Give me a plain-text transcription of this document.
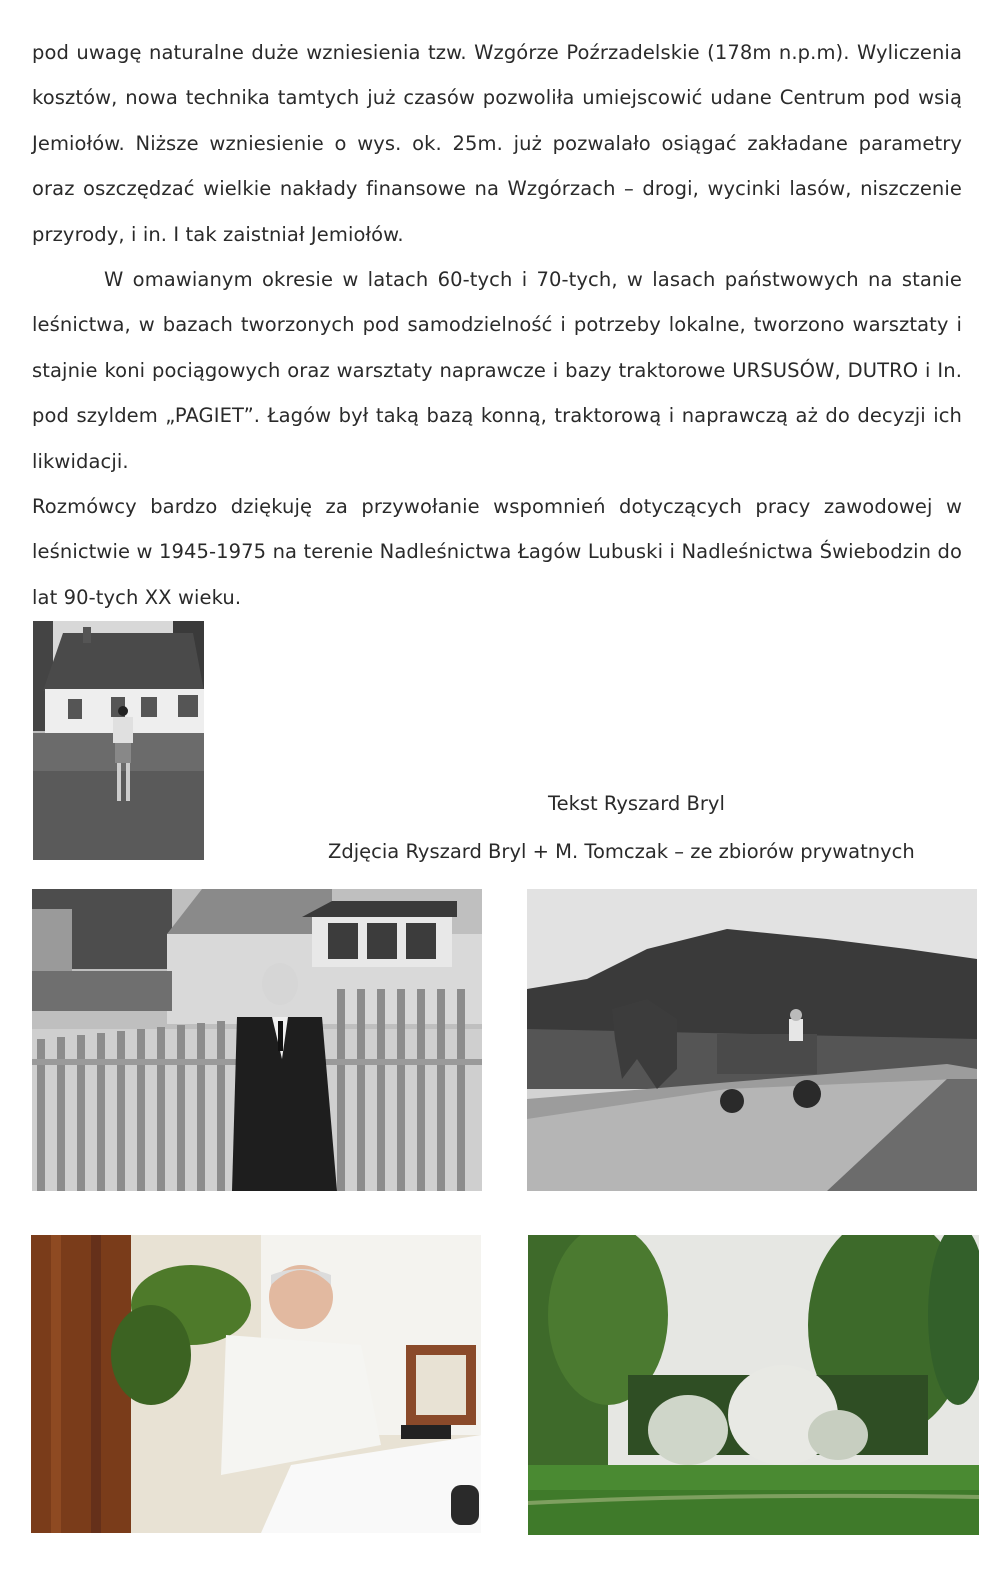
pod uwagę naturalne duże wzniesienia tzw. Wzgórze Poźrzadelskie (178m n.p.m). Wyliczenia kosztów, nowa technika tamtych już czasów pozwoliła umiejscowić udane Centrum pod wsią Jemiołów. Niższe wzniesienie o wys. ok. 25m. już pozwalało osiągać zakładane parametry oraz oszczędzać wielkie nakłady finansowe na Wzgórzach – drogi, wycinki lasów, niszczenie przyrody, i in. I tak zaistniał Jemiołów.

W omawianym okresie w latach 60-tych i 70-tych, w lasach państwowych na stanie leśnictwa, w bazach tworzonych pod samodzielność i potrzeby lokalne, tworzono warsztaty i stajnie koni pociągowych oraz warsztaty naprawcze i bazy traktorowe URSUSÓW, DUTRO i In. pod szyldem „PAGIET”. Łagów był taką bazą konną, traktorową i naprawczą aż do decyzji ich likwidacji.

Rozmówcy bardzo dziękuję za przywołanie wspomnień dotyczących pracy zawodowej w leśnictwie w 1945-1975 na terenie Nadleśnictwa Łagów Lubuski i Nadleśnictwa Świebodzin do lat 90-tych XX wieku.

Tekst Ryszard Bryl
Zdjęcia Ryszard Bryl + M. Tomczak – ze zbiorów prywatnych
